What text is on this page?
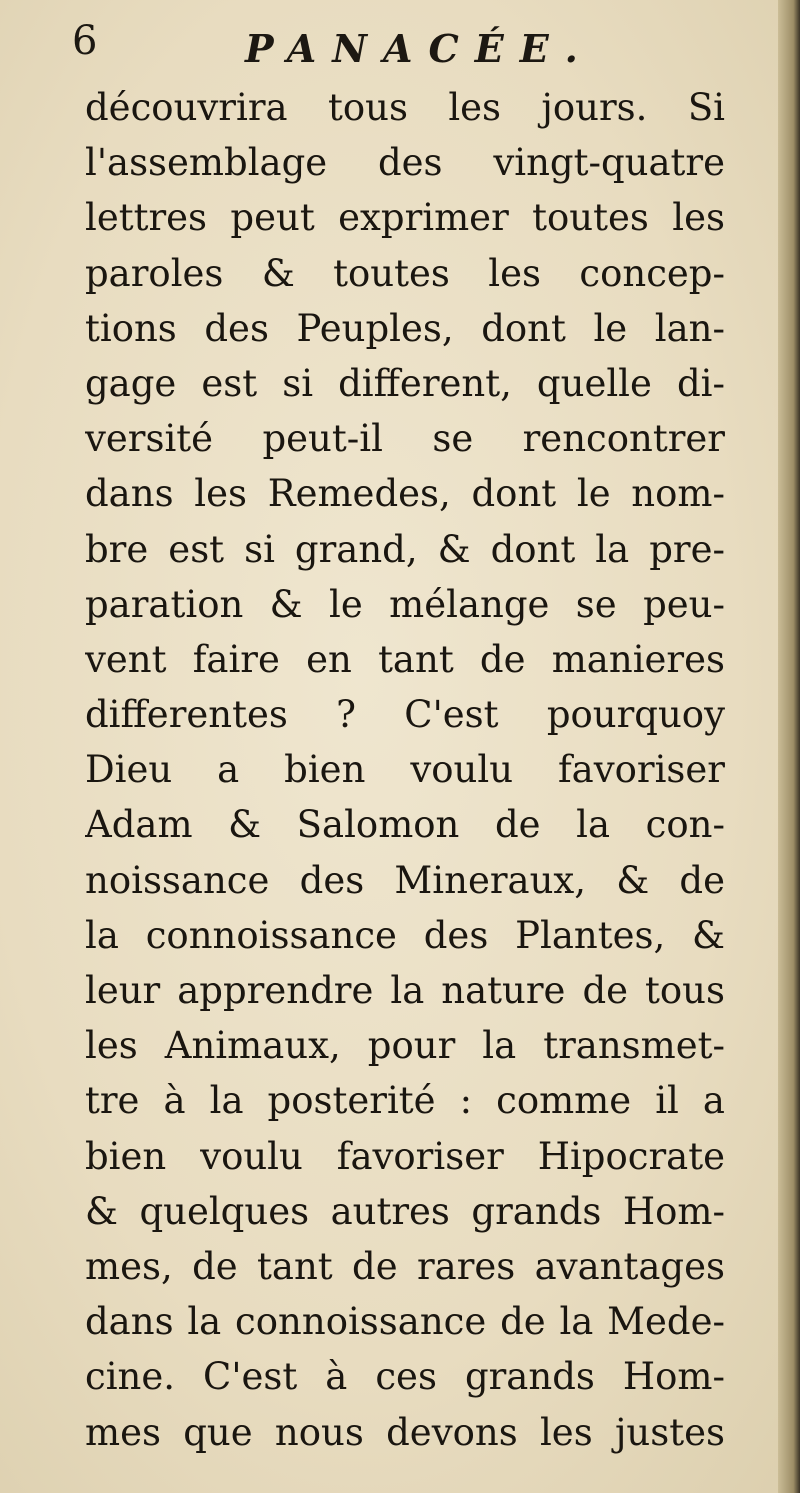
6	PANACÉE.
découvrira tous les jours. Si
l'assemblage des vingt-quatre
lettres peut exprimer toutes les
paroles & toutes les concep-
tions des Peuples, dont le lan-
gage est si different, quelle di-
versité peut-il se rencontrer
dans les Remedes, dont le nom-
bre est si grand, & dont la pre-
paration & le mélange se peu-
vent faire en tant de manieres
differentes ? C'est pourquoy
Dieu a bien voulu favoriser
Adam & Salomon de la con-
noissance des Mineraux, & de
la connoissance des Plantes, &
leur apprendre la nature de tous
les Animaux, pour la transmet-
tre à la posterité : comme il a
bien voulu favoriser Hipocrate
& quelques autres grands Hom-
mes, de tant de rares avantages
dans la connoissance de la Mede-
cine. C'est à ces grands Hom-
mes que nous devons les justes
